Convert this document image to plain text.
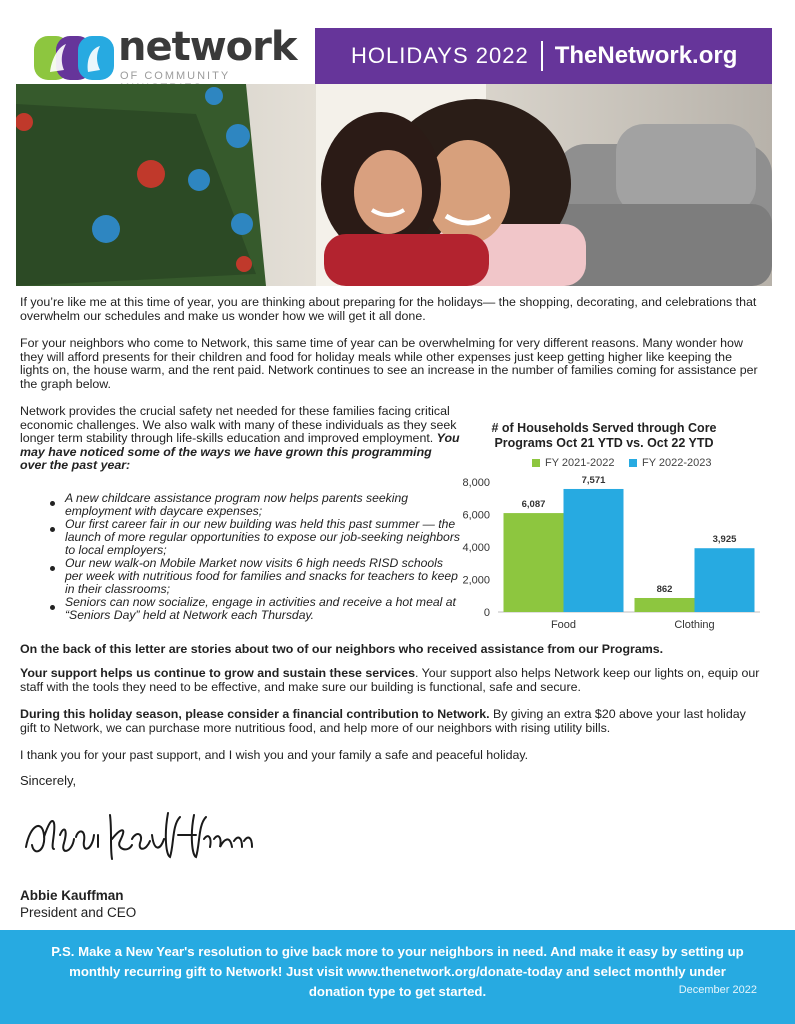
network
OF COMMUNITY
HOLIDAYS 2022 TheNetwork.org

If you’re like me at this time of year, you are thinking about preparing for the holidays— the shopping, decorating, and celebrations that overwhelm our schedules and make us wonder how we will get it all done.

For your neighbors who come to Network, this same time of year can be overwhelming for very different reasons. Many wonder how they will afford presents for their children and food for holiday meals while other expenses just keep getting higher like keeping the lights on, the house warm, and the rent paid. Network continues to see an increase in the number of families coming for assistance per the graph below.

Network provides the crucial safety net needed for these families facing critical economic challenges. We also walk with many of these individuals as they seek longer term stability through life-skills education and improved employment. You may have noticed some of the ways we have grown this programming over the past year:

A new childcare assistance program now helps parents seeking employment with daycare expenses;
Our first career fair in our new building was held this past summer — the launch of more regular opportunities to expose our job-seeking neighbors to local employers;
Our new walk-on Mobile Market now visits 6 high needs RISD schools per week with nutritious food for families and snacks for teachers to keep in their classrooms;
Seniors can now socialize, engage in activities and receive a hot meal at “Seniors Day” held at Network each Thursday.
# of Households Served through Core
Programs Oct 21 YTD vs. Oct 22 YTD
FY 2021-2022 FY 2022-2023
0
2,000
4,000
6,000
8,000
6,087
7,571
Food
862
3,925
Clothing

On the back of this letter are stories about two of our neighbors who received assistance from our Programs.

Your support helps us continue to grow and sustain these services. Your support also helps Network keep our lights on, equip our staff with the tools they need to be effective, and make sure our building is functional, safe and secure.

During this holiday season, please consider a financial contribution to Network. By giving an extra $20 above your last holiday gift to Network, we can purchase more nutritious food, and help more of our neighbors with rising utility bills.

I thank you for your past support, and I wish you and your family a safe and peaceful holiday.

Sincerely,

Abbie Kauffman

President and CEO

P.S. Make a New Year's resolution to give back more to your neighbors in need. And make it easy by setting up monthly recurring gift to Network! Just visit www.thenetwork.org/donate-today and select monthly under donation type to get started.	December 2022
